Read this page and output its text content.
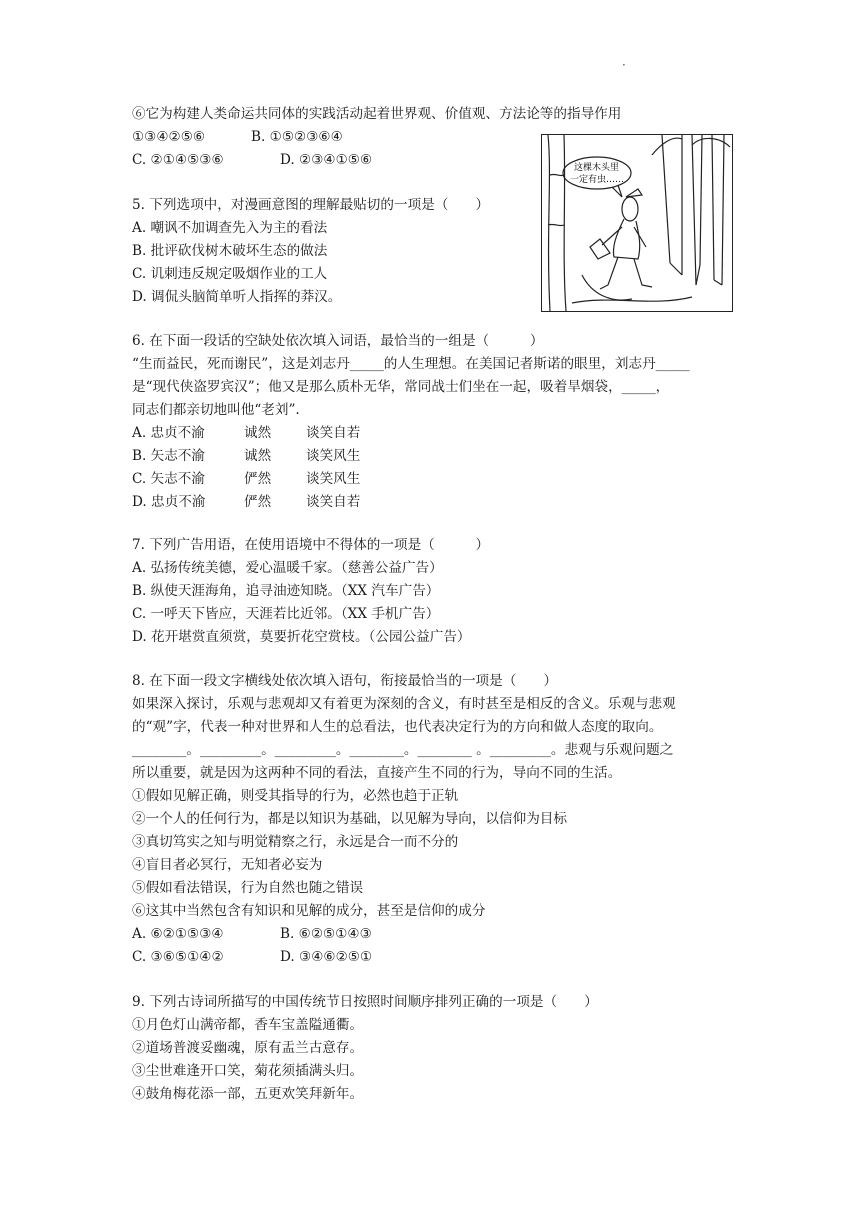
·
⑥它为构建人类命运共同体的实践活动起着世界观、价值观、方法论等的指导作用
①③④②⑤⑥	B. ①⑤②③⑥④
C. ②①④⑤③⑥	D. ②③④①⑤⑥	这棵木头里
一定有虫……
5. 下列选项中，对漫画意图的理解最贴切的一项是（　　）
A. 嘲讽不加调查先入为主的看法
B. 批评砍伐树木破坏生态的做法
C. 讥刺违反规定吸烟作业的工人
D. 调侃头脑简单听人指挥的莽汉。
6. 在下面一段话的空缺处依次填入词语，最恰当的一组是（　　　）
“生而益民，死而谢民”，这是刘志丹_____的人生理想。在美国记者斯诺的眼里，刘志丹_____
是“现代侠盗罗宾汉”；他又是那么质朴无华，常同战士们坐在一起，吸着旱烟袋，_____，
同志们都亲切地叫他“老刘”.
A. 忠贞不渝	诚然	谈笑自若
B. 矢志不渝	诚然	谈笑风生
C. 矢志不渝	俨然	谈笑风生
D. 忠贞不渝	俨然	谈笑自若
7. 下列广告用语，在使用语境中不得体的一项是（　　　）
A. 弘扬传统美德，爱心温暖千家。（慈善公益广告）
B. 纵使天涯海角，追寻油迹知晓。（XX 汽车广告）
C. 一呼天下皆应，天涯若比近邻。（XX 手机广告）
D. 花开堪赏直须赏，莫要折花空赏枝。（公园公益广告）
8. 在下面一段文字横线处依次填入语句，衔接最恰当的一项是（　　）
如果深入探讨，乐观与悲观却又有着更为深刻的含义，有时甚至是相反的含义。乐观与悲观
的“观”字，代表一种对世界和人生的总看法，也代表决定行为的方向和做人态度的取向。
________。_________。_________。________。________ 。_________。悲观与乐观问题之
所以重要，就是因为这两种不同的看法，直接产生不同的行为，导向不同的生活。
①假如见解正确，则受其指导的行为，必然也趋于正轨
②一个人的任何行为，都是以知识为基础，以见解为导向，以信仰为目标
③真切笃实之知与明觉精察之行，永远是合一而不分的
④盲目者必冥行，无知者必妄为
⑤假如看法错误，行为自然也随之错误
⑥这其中当然包含有知识和见解的成分，甚至是信仰的成分
A. ⑥②①⑤③④	B. ⑥②⑤①④③
C. ③⑥⑤①④②	D. ③④⑥②⑤①
9. 下列古诗词所描写的中国传统节日按照时间顺序排列正确的一项是（　　）
①月色灯山满帝都，香车宝盖隘通衢。
②道场普渡妥幽魂，原有盂兰古意存。
③尘世难逢开口笑，菊花须插满头归。
④鼓角梅花添一部，五更欢笑拜新年。
